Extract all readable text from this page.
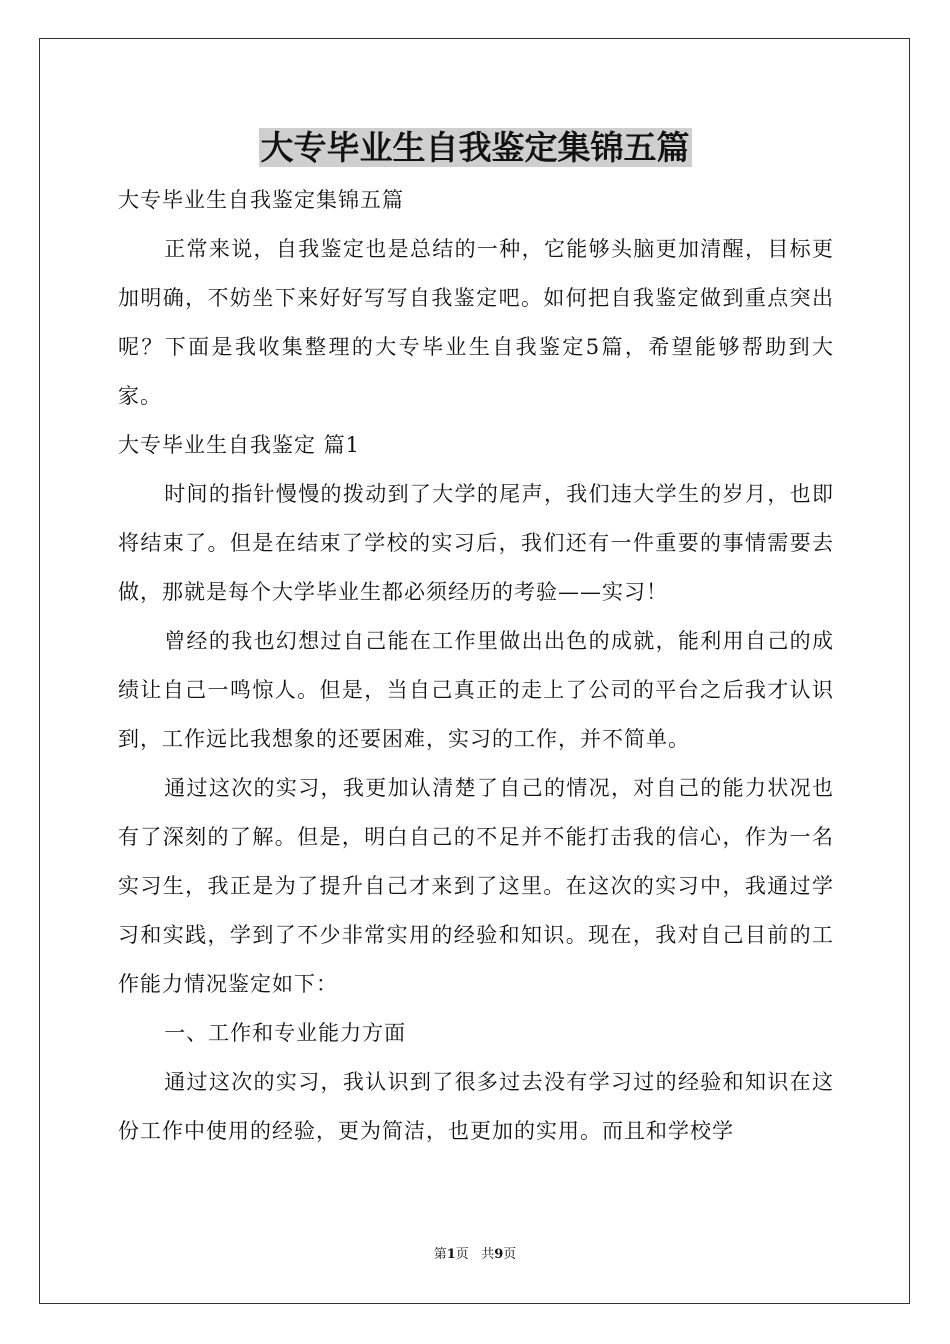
大专毕业生自我鉴定集锦五篇

大专毕业生自我鉴定集锦五篇

正常来说，自我鉴定也是总结的一种，它能够头脑更加清醒，目标更加明确，不妨坐下来好好写写自我鉴定吧。如何把自我鉴定做到重点突出呢？下面是我收集整理的大专毕业生自我鉴定5篇，希望能够帮助到大家。

大专毕业生自我鉴定 篇1

时间的指针慢慢的拨动到了大学的尾声，我们违大学生的岁月，也即将结束了。但是在结束了学校的实习后，我们还有一件重要的事情需要去做，那就是每个大学毕业生都必须经历的考验——实习！

曾经的我也幻想过自己能在工作里做出出色的成就，能利用自己的成绩让自己一鸣惊人。但是，当自己真正的走上了公司的平台之后我才认识到，工作远比我想象的还要困难，实习的工作，并不简单。

通过这次的实习，我更加认清楚了自己的情况，对自己的能力状况也有了深刻的了解。但是，明白自己的不足并不能打击我的信心，作为一名实习生，我正是为了提升自己才来到了这里。在这次的实习中，我通过学习和实践，学到了不少非常实用的经验和知识。现在，我对自己目前的工作能力情况鉴定如下：

一、工作和专业能力方面

通过这次的实习，我认识到了很多过去没有学习过的经验和知识在这份工作中使用的经验，更为简洁，也更加的实用。而且和学校学

第1页   共9页
